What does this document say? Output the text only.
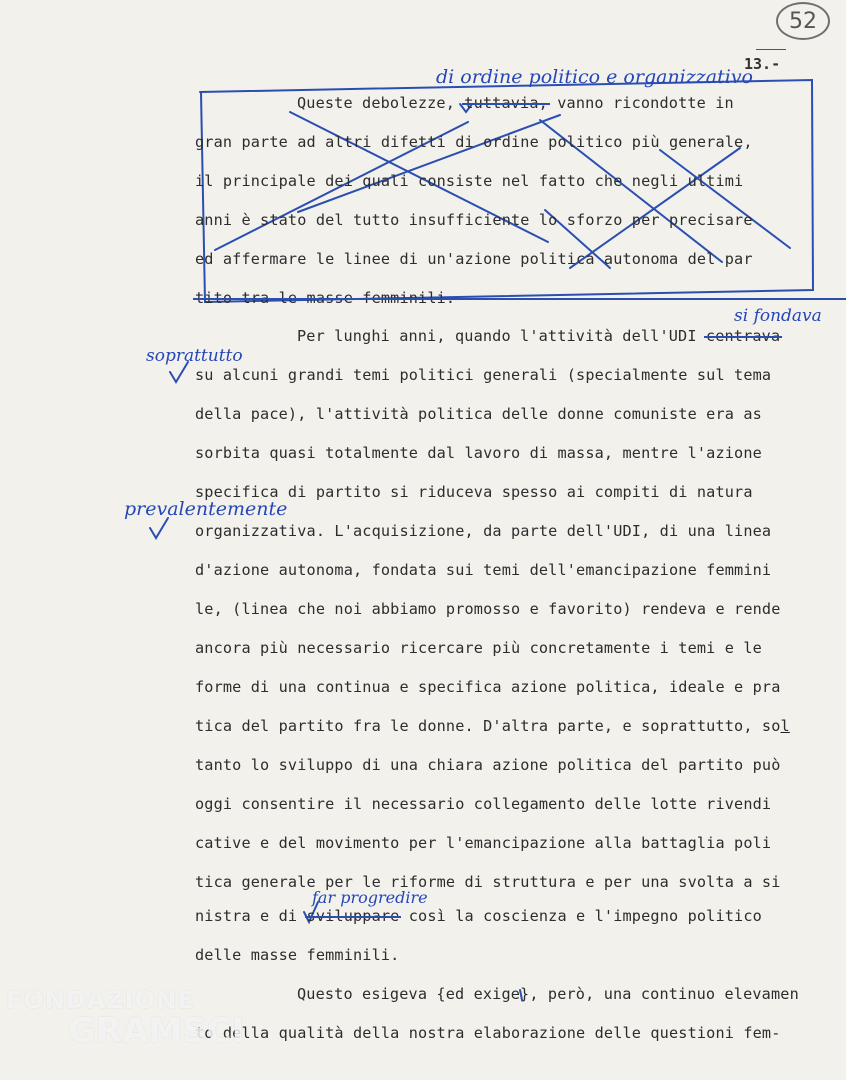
52
13.-
di ordine politico e organizzativo
Queste debolezze, tuttavia, vanno ricondotte in
gran parte ad altri difetti di ordine politico più generale,
il principale dei quali consiste nel fatto che negli ultimi
anni è stato del tutto insufficiente lo sforzo per precisare
ed affermare le linee di un'azione politica autonoma del par
tito tra le masse femminili.
si fondava
Per lunghi anni, quando l'attività dell'UDI centrava
soprattutto
su alcuni grandi temi politici generali (specialmente sul tema
della pace), l'attività politica delle donne comuniste era as
sorbita quasi totalmente dal lavoro di massa, mentre l'azione
specifica di partito si riduceva spesso ai compiti di natura
prevalentemente
organizzativa. L'acquisizione, da parte dell'UDI, di una linea
d'azione autonoma, fondata sui temi dell'emancipazione femmini
le, (linea che noi abbiamo promosso e favorito) rendeva e rende
ancora più necessario ricercare più concretamente i temi e le
forme di una continua e specifica azione politica, ideale e pra
tica del partito fra le donne. D'altra parte, e soprattutto, sol
tanto lo sviluppo di una chiara azione politica del partito può
oggi consentire il necessario collegamento delle lotte rivendi
cative e del movimento per l'emancipazione alla battaglia poli
tica generale per le riforme di struttura e per una svolta a si
far progredire
nistra e di sviluppare così la coscienza e l'impegno politico
delle masse femminili.
Questo esigeva {ed exige}, però, una continuo elevamen
to della qualità della nostra elaborazione delle questioni fem-
FONDAZIONE
GRAMSCI
